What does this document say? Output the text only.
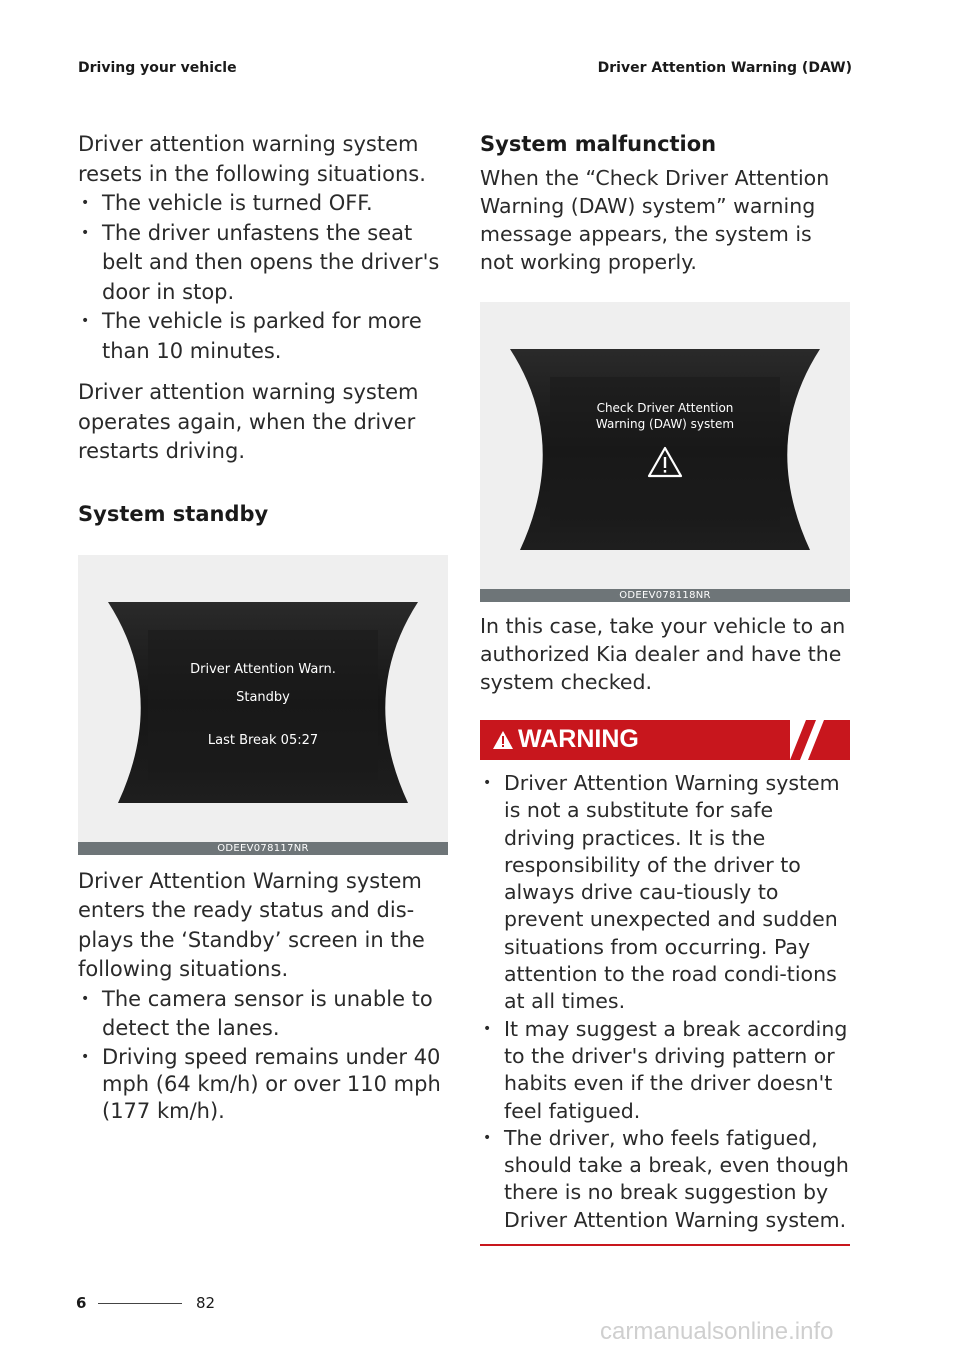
Driving your vehicle	Driver Attention Warning (DAW)

Driver attention warning system resets in the following situations.

• The vehicle is turned OFF.
• The driver unfastens the seat belt and then opens the driver's door in stop.
• The vehicle is parked for more than 10 minutes.

Driver attention warning system operates again, when the driver restarts driving.

System standby
Driver Attention Warn.
Standby
Last Break 05:27
ODEEV078117NR

Driver Attention Warning system enters the ready status and dis-plays the ‘Standby’ screen in the following situations.

• The camera sensor is unable to detect the lanes.
• Driving speed remains under 40 mph (64 km/h) or over 110 mph (177 km/h).
System malfunction

When the “Check Driver Attention Warning (DAW) system” warning message appears, the system is not working properly.

Check Driver Attention
Warning (DAW) system
ODEEV078118NR

In this case, take your vehicle to an authorized Kia dealer and have the system checked.

WARNING
• Driver Attention Warning system is not a substitute for safe driving practices. It is the responsibility of the driver to always drive cau-tiously to prevent unexpected and sudden situations from occurring. Pay attention to the road condi-tions at all times.
• It may suggest a break according to the driver's driving pattern or habits even if the driver doesn't feel fatigued.
• The driver, who feels fatigued, should take a break, even though there is no break suggestion by Driver Attention Warning system.
6	82
carmanualsonline.info
